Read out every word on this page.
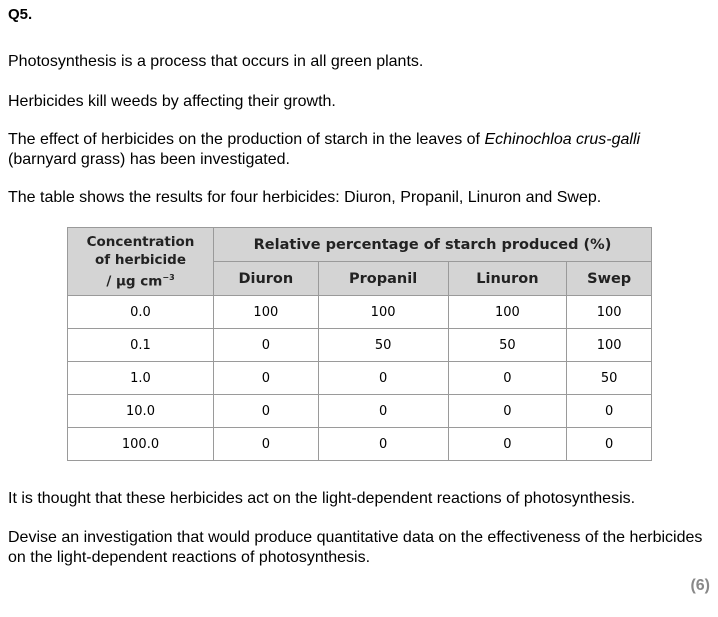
Q5.
Photosynthesis is a process that occurs in all green plants.
Herbicides kill weeds by affecting their growth.
The effect of herbicides on the production of starch in the leaves of Echinochloa crus-galli (barnyard grass) has been investigated.
The table shows the results for four herbicides: Diuron, Propanil, Linuron and Swep.
Concentration
of herbicide
/ µg $cm^{-3}$	Relative percentage of starch produced (%)			
	Diuron	Propanil	Linuron	Swep
0.0	100	100	100	100
0.1	0	50	50	100
1.0	0	0	0	50
10.0	0	0	0	0
100.0	0	0	0	0
It is thought that these herbicides act on the light-dependent reactions of photosynthesis.
Devise an investigation that would produce quantitative data on the effectiveness of the herbicides on the light-dependent reactions of photosynthesis.
(6)
